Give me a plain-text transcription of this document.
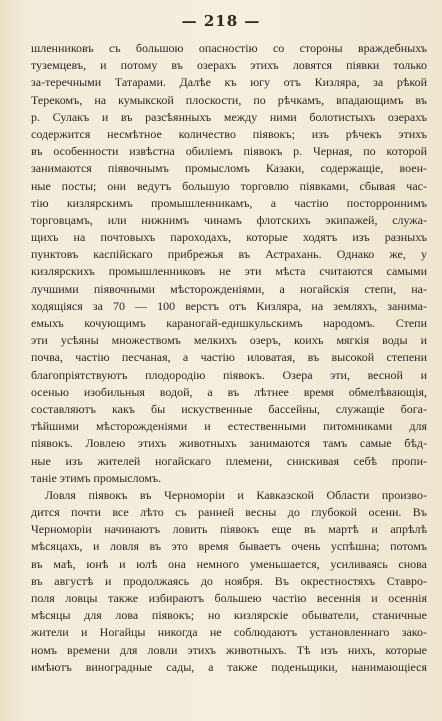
— 218 —
шленниковъ съ большою опасностію со стороны враждебныхъ
туземцевъ, и потому въ озерахъ этихъ ловятся піявки только
за-теречными Татарами. Далѣе къ югу отъ Кизляра, за рѣкой
Терекомъ, на кумыкской плоскости, по рѣчкамъ, впадающимъ въ
р. Сулакъ и въ разсѣянныхъ между ними болотистыхъ озерахъ
содержится несмѣтное количество піявокъ; изъ рѣчекъ этихъ
въ особенности извѣстна обиліемъ піявокъ р. Черная, по которой
занимаются піявочнымъ промысломъ Казаки, содержащіе, воен-
ные посты; они ведутъ большую торговлю піявками, сбывая час-
тію кизлярскимъ промышленникамъ, а частію посторроннимъ
торговцамъ, или нижнимъ чинамъ флотскихъ экипажей, служа-
щихъ на почтовыхъ пароходахъ, которые ходятъ изъ разныхъ
пунктовъ каспійскаго прибрежья въ Астрахань. Однако же, у
кизлярскихъ промышленниковъ не эти мѣста считаются самыми
лучшими піявочными мѣсторожденіями, а ногайскія степи, на-
ходящіяся за 70 — 100 верстъ отъ Кизляра, на земляхъ, занима-
емыхъ кочующимъ караногай-едишкульскимъ народомъ. Степи
эти усѣяны множествомъ мелкихъ озеръ, коихъ мягкія воды и
почва, частію песчаная, а частію иловатая, въ высокой степени
благопріятствуютъ плодородію піявокъ. Озера эти, весной и
осенью изобильныя водой, а въ лѣтнее время обмелѣвающія,
составляютъ какъ бы искуственные бассейны, служащіе бога-
тѣйшими мѣсторожденіями и естественными питомниками для
піявокъ. Ловлею этихъ животныхъ занимаются тамъ самые бѣд-
ные изъ жителей ногайскаго племени, снискивая себѣ пропи-
таніе этимъ промысломъ.
Ловля піявокъ въ Черноморіи и Кавказской Области произво-
дится почти все лѣто съ ранней весны до глубокой осени. Въ
Черноморіи начинаютъ ловить піявокъ еще въ мартѣ и апрѣлѣ
мѣсяцахъ, и ловля въ это время бываетъ очень успѣшна; потомъ
въ маѣ, юнѣ и юлѣ она немного уменьшается, усиливаясь снова
въ августѣ и продолжаясь до ноября. Въ окрестностяхъ Ставро-
поля ловцы также избираютъ большею частію весеннія и осеннія
мѣсяцы для лова піявокъ; но кизлярскіе обыватели, станичные
жители и Ногайцы никогда не соблюдаютъ установленнаго зако-
номъ времени для ловли этихъ животныхъ. Тѣ изъ нихъ, которые
имѣютъ виноградные сады, а также поденьщики, нанимающіеся
